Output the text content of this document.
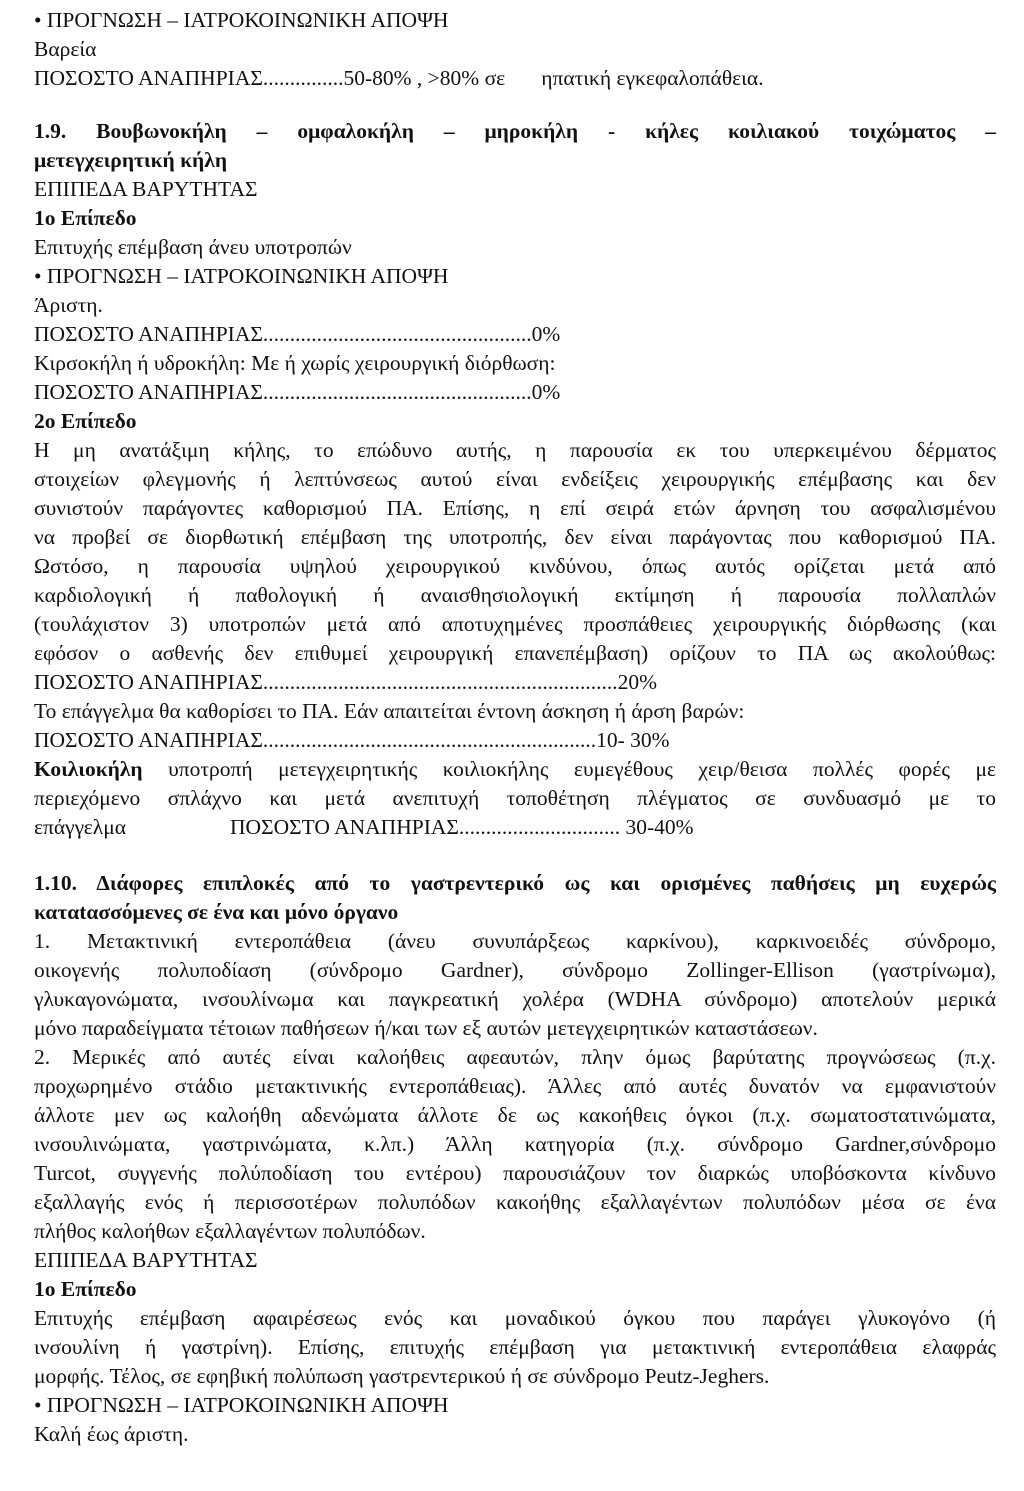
• ΠΡΟΓΝΩΣΗ – ΙΑΤΡΟΚΟΙΝΩΝΙΚΗ ΑΠΟΨΗ

Βαρεία

ΠΟΣΟΣΤΟ ΑΝΑΠΗΡΙΑΣ...............50-80% , >80% σε ηπατική εγκεφαλοπάθεια.

1.9. Βουβωνοκήλη – ομφαλοκήλη – μηροκήλη - κήλες κοιλιακού τοιχώματος –

μετεγχειρητική κήλη

ΕΠΙΠΕΔΑ ΒΑΡΥΤΗΤΑΣ

1ο Επίπεδο

Επιτυχής επέμβαση άνευ υποτροπών

• ΠΡΟΓΝΩΣΗ – ΙΑΤΡΟΚΟΙΝΩΝΙΚΗ ΑΠΟΨΗ

Άριστη.

ΠΟΣΟΣΤΟ ΑΝΑΠΗΡΙΑΣ..................................................0%

Κιρσοκήλη ή υδροκήλη: Με ή χωρίς χειρουργική διόρθωση:

ΠΟΣΟΣΤΟ ΑΝΑΠΗΡΙΑΣ..................................................0%

2ο Επίπεδο

Η μη ανατάξιμη κήλης, το επώδυνο αυτής, η παρουσία εκ του υπερκειμένου δέρματος

στοιχείων φλεγμονής ή λεπτύνσεως αυτού είναι ενδείξεις χειρουργικής επέμβασης και δεν

συνιστούν παράγοντες καθορισμού ΠΑ. Επίσης, η επί σειρά ετών άρνηση του ασφαλισμένου

να προβεί σε διορθωτική επέμβαση της υποτροπής, δεν είναι παράγοντας που καθορισμού ΠΑ.

Ωστόσο, η παρουσία υψηλού χειρουργικού κινδύνου, όπως αυτός ορίζεται μετά από

καρδιολογική ή παθολογική ή αναισθησιολογική εκτίμηση ή παρουσία πολλαπλών

(τουλάχιστον 3) υποτροπών μετά από αποτυχημένες προσπάθειες χειρουργικής διόρθωσης (και

εφόσον ο ασθενής δεν επιθυμεί χειρουργική επανεπέμβαση) ορίζουν το ΠΑ ως ακολούθως:

ΠΟΣΟΣΤΟ ΑΝΑΠΗΡΙΑΣ..................................................................20%

Το επάγγελμα θα καθορίσει το ΠΑ. Εάν απαιτείται έντονη άσκηση ή άρση βαρών:

ΠΟΣΟΣΤΟ ΑΝΑΠΗΡΙΑΣ..............................................................10- 30%

Κοιλιοκήλη υποτροπή μετεγχειρητικής κοιλιοκήλης ευμεγέθους χειρ/θεισα πολλές φορές με

περιεχόμενο σπλάχνο και μετά ανεπιτυχή τοποθέτηση πλέγματος σε συνδυασμό με το

επάγγελμα	ΠΟΣΟΣΤΟ ΑΝΑΠΗΡΙΑΣ.............................. 30-40%

1.10. Διάφορες επιπλοκές από το γαστρεντερικό ως και ορισμένες παθήσεις μη ευχερώς

καταtασσόμενες σε ένα και μόνο όργανο

1. Μετακτινική εντεροπάθεια (άνευ συνυπάρξεως καρκίνου), καρκινοειδές σύνδρομο,

οικογενής πολυποδίαση (σύνδρομο Gardner), σύνδρομο Zollinger-Ellison (γαστρίνωμα),

γλυκαγονώματα, ινσουλίνωμα και παγκρεατική χολέρα (WDHA σύνδρομο) αποτελούν μερικά

μόνο παραδείγματα τέτοιων παθήσεων ή/και των εξ αυτών μετεγχειρητικών καταστάσεων.

2. Μερικές από αυτές είναι καλοήθεις αφεαυτών, πλην όμως βαρύτατης προγνώσεως (π.χ.

προχωρημένο στάδιο μετακτινικής εντεροπάθειας). Άλλες από αυτές δυνατόν να εμφανιστούν

άλλοτε μεν ως καλοήθη αδενώματα άλλοτε δε ως κακοήθεις όγκοι (π.χ. σωματοστατινώματα,

ινσουλινώματα, γαστρινώματα, κ.λπ.) Άλλη κατηγορία (π.χ. σύνδρομο Gardner,σύνδρομο

Turcot, συγγενής πολύποδίαση του εντέρου) παρουσιάζουν τον διαρκώς υποβόσκοντα κίνδυνο

εξαλλαγής ενός ή περισσοτέρων πολυπόδων κακοήθης εξαλλαγέντων πολυπόδων μέσα σε ένα

πλήθος καλοήθων εξαλλαγέντων πολυπόδων.

ΕΠΙΠΕΔΑ ΒΑΡΥΤΗΤΑΣ

1ο Επίπεδο

Επιτυχής επέμβαση αφαιρέσεως ενός και μοναδικού όγκου που παράγει γλυκογόνο (ή

ινσουλίνη ή γαστρίνη). Επίσης, επιτυχής επέμβαση για μετακτινική εντεροπάθεια ελαφράς

μορφής. Τέλος, σε εφηβική πολύπωση γαστρεντερικού ή σε σύνδρομο Peutz-Jeghers.

• ΠΡΟΓΝΩΣΗ – ΙΑΤΡΟΚΟΙΝΩΝΙΚΗ ΑΠΟΨΗ

Καλή έως άριστη.
